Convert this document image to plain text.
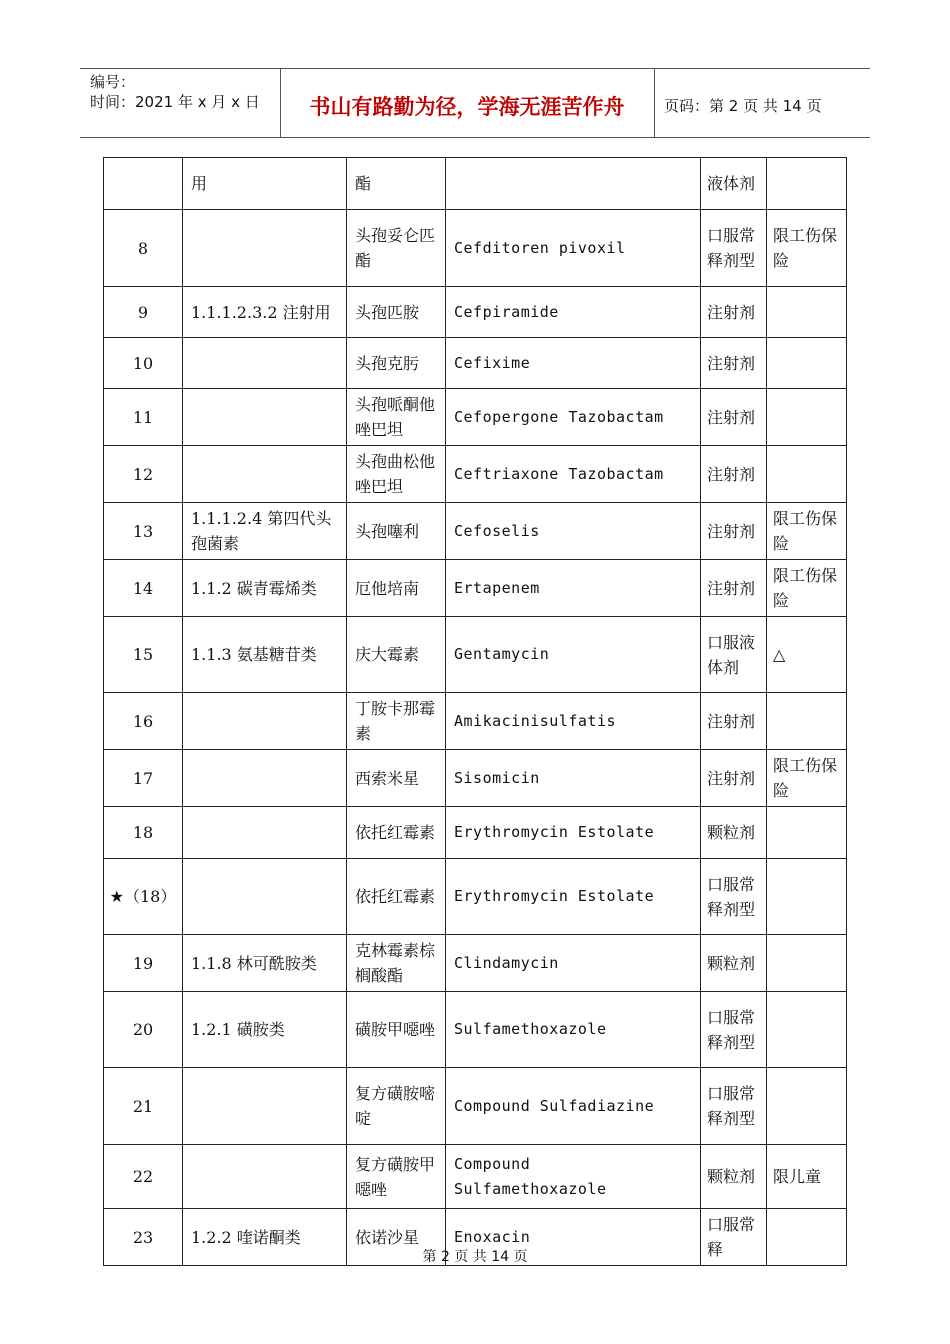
编号：
时间：2021 年 x 月 x 日	书山有路勤为径，学海无涯苦作舟	页码：第 2 页 共 14 页
	用	酯		液体剂	
8		头孢妥仑匹酯	Cefditoren pivoxil	口服常释剂型	限工伤保险
9	1.1.1.2.3.2 注射用	头孢匹胺	Cefpiramide	注射剂	
10		头孢克肟	Cefixime	注射剂	
11		头孢哌酮他唑巴坦	Cefopergone Tazobactam	注射剂	
12		头孢曲松他唑巴坦	Ceftriaxone Tazobactam	注射剂	
13	1.1.1.2.4 第四代头孢菌素	头孢噻利	Cefoselis	注射剂	限工伤保险
14	1.1.2 碳青霉烯类	厄他培南	Ertapenem	注射剂	限工伤保险
15	1.1.3 氨基糖苷类	庆大霉素	Gentamycin	口服液体剂	△
16		丁胺卡那霉素	Amikacinisulfatis	注射剂	
17		西索米星	Sisomicin	注射剂	限工伤保险
18		依托红霉素	Erythromycin Estolate	颗粒剂	
★（18）		依托红霉素	Erythromycin Estolate	口服常释剂型	
19	1.1.8 林可酰胺类	克林霉素棕榈酸酯	Clindamycin	颗粒剂	
20	1.2.1 磺胺类	磺胺甲噁唑	Sulfamethoxazole	口服常释剂型	
21		复方磺胺嘧啶	Compound Sulfadiazine	口服常释剂型	
22		复方磺胺甲噁唑	Compound Sulfamethoxazole	颗粒剂	限儿童
23	1.2.2 喹诺酮类	依诺沙星	Enoxacin	口服常释	
第 2 页 共 14 页
